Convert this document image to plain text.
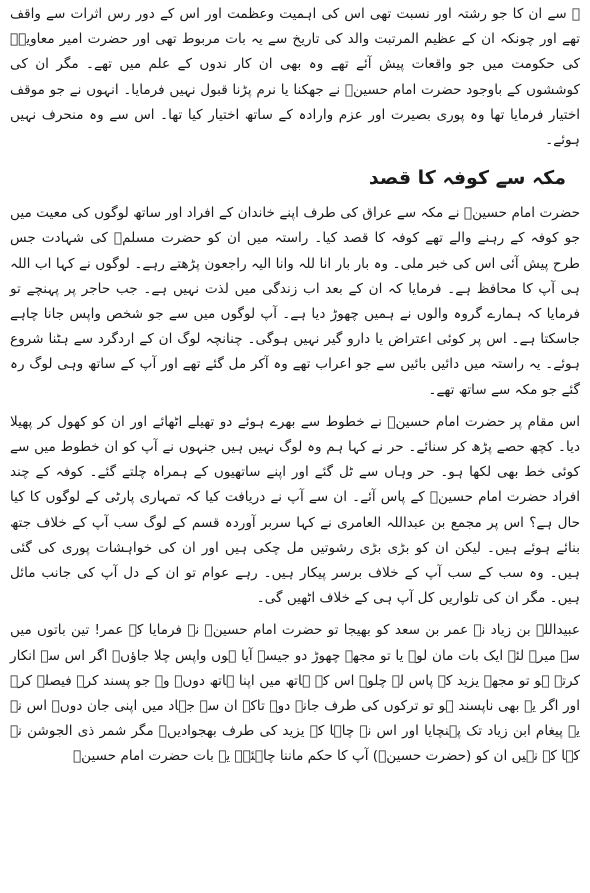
ﷺ سے ان کا جو رشتہ اور نسبت تھی اس کی اہمیت وعظمت اور اس کے دور رس اثرات سے واقف تھے اور چونکہ ان کے عظیم المرتبت والد کی تاریخ سے یہ بات مربوط تھی اور حضرت امیر معاویہؓ کی حکومت میں جو واقعات پیش آئے تھے وہ بھی ان کار ندوں کے علم میں تھے۔ مگر ان کی کوششوں کے باوجود حضرت امام حسینؓ نے جھکنا یا نرم پڑنا قبول نہیں فرمایا۔ انہوں نے جو موقف اختیار فرمایا تھا وہ پوری بصیرت اور عزم وارادہ کے ساتھ اختیار کیا تھا۔ اس سے وہ منحرف نہیں ہوئے۔

مکہ سے کوفہ کا قصد

حضرت امام حسینؓ نے مکہ سے عراق کی طرف اپنے خاندان کے افراد اور ساتھ لوگوں کی معیت میں جو کوفہ کے رہنے والے تھے کوفہ کا قصد کیا۔ راستہ میں ان کو حضرت مسلمؓ کی شہادت جس طرح پیش آئی اس کی خبر ملی۔ وہ بار بار انا للہ وانا الیہ راجعون پڑھتے رہے۔ لوگوں نے کہا اب اللہ ہی آپ کا محافظ ہے۔ فرمایا کہ ان کے بعد اب زندگی میں لذت نہیں ہے۔ جب حاجر پر پہنچے تو فرمایا کہ ہمارے گروہ والوں نے ہمیں چھوڑ دیا ہے۔ آپ لوگوں میں سے جو شخص واپس جانا چاہے جاسکتا ہے۔ اس پر کوئی اعتراض یا دارو گیر نہیں ہوگی۔ چنانچہ لوگ ان کے اردگرد سے ہٹنا شروع ہوئے۔ یہ راستہ میں دائیں بائیں سے جو اعراب تھے وہ آکر مل گئے تھے اور آپ کے ساتھ وہی لوگ رہ گئے جو مکہ سے ساتھ تھے۔

اس مقام پر حضرت امام حسینؓ نے خطوط سے بھرے ہوئے دو تھیلے اٹھائے اور ان کو کھول کر پھیلا دیا۔ کچھ حصے پڑھ کر سنائے۔ حر نے کہا ہم وہ لوگ نہیں ہیں جنہوں نے آپ کو ان خطوط میں سے کوئی خط بھی لکھا ہو۔ حر وہاں سے ٹل گئے اور اپنے ساتھیوں کے ہمراہ چلتے گئے۔ کوفہ کے چند افراد حضرت امام حسینؓ کے پاس آئے۔ ان سے آپ نے دریافت کیا کہ تمہاری پارٹی کے لوگوں کا کیا حال ہے؟ اس پر مجمع بن عبداللہ العامری نے کہا سربر آوردہ قسم کے لوگ سب آپ کے خلاف جتھ بنائے ہوئے ہیں۔ لیکن ان کو بڑی بڑی رشوتیں مل چکی ہیں اور ان کی خواہشات پوری کی گئی ہیں۔ وہ سب کے سب آپ کے خلاف برسر پیکار ہیں۔ رہے عوام تو ان کے دل آپ کی جانب مائل ہیں۔ مگر ان کی تلواریں کل آپ ہی کے خلاف اٹھیں گی۔

عبیداللہ بن زیاد نے عمر بن سعد کو بھیجا تو حضرت امام حسینؓ نے فرمایا کہ عمر! تین باتوں میں سے میرے لئے ایک بات مان لو۔ یا تو مجھے چھوڑ دو جیسے آیا ہوں واپس چلا جاؤں۔ اگر اس سے انکار کرتے ہو تو مجھے یزید کے پاس لے چلو۔ اس کے ہاتھ میں اپنا ہاتھ دوں۔ وہ جو پسند کرے فیصلہ کرے اور اگر یہ بھی ناپسند ہو تو ترکوں کی طرف جانے دو۔ تاکہ ان سے جہاد میں اپنی جان دوں۔ اس نے یہ پیغام ابن زیاد تک پہنچایا اور اس نے چاہا کہ یزید کی طرف بھجوادیں۔ مگر شمر ذی الجوشن نے کہا کہ نہیں ان کو (حضرت حسینؓ) آپ کا حکم ماننا چاہئے۔ یہ بات حضرت امام حسینؓ
